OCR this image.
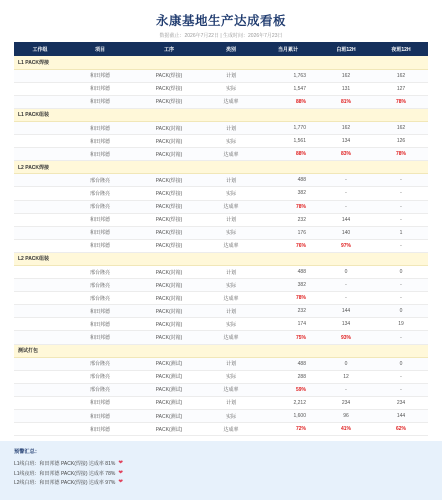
永康基地生产达成看板
数据截止：2026年7月22日 | 生成时间：2026年7月23日
工作组	项目	工序	类别	当月累计	白班12H	夜班12H
L1 PACK焊接						
	和田邦德	PACK(焊接)	计划	1,763	162	162
	和田邦德	PACK(焊接)	实际	1,547	131	127
	和田邦德	PACK(焊接)	达成率	88%	81%	78%
L1 PACK组装						
	和田邦德	PACK(封箱)	计划	1,770	162	162
	和田邦德	PACK(封箱)	实际	1,561	134	126
	和田邦德	PACK(封箱)	达成率	88%	83%	78%
L2 PACK焊接						
	邢台隆亮	PACK(焊接)	计划	488	-	-
	邢台隆亮	PACK(焊接)	实际	382	-	-
	邢台隆亮	PACK(焊接)	达成率	78%	-	-
	和田邦德	PACK(焊接)	计划	232	144	-
	和田邦德	PACK(焊接)	实际	176	140	1
	和田邦德	PACK(焊接)	达成率	76%	97%	-
L2 PACK组装						
	邢台隆亮	PACK(封箱)	计划	488	0	0
	邢台隆亮	PACK(封箱)	实际	382	-	-
	邢台隆亮	PACK(封箱)	达成率	78%	-	-
	和田邦德	PACK(封箱)	计划	232	144	0
	和田邦德	PACK(封箱)	实际	174	134	19
	和田邦德	PACK(封箱)	达成率	75%	93%	-
测试打包						
	邢台隆亮	PACK(测试)	计划	488	0	0
	邢台隆亮	PACK(测试)	实际	288	12	-
	邢台隆亮	PACK(测试)	达成率	59%	-	-
	和田邦德	PACK(测试)	计划	2,212	234	234
	和田邦德	PACK(测试)	实际	1,600	96	144
	和田邦德	PACK(测试)	达成率	72%	41%	62%
预警汇总：
L1线白班：和田邦德 PACK(焊接) 达成率 81% ❤
L1线夜班：和田邦德 PACK(焊接) 达成率 78% ❤
L2线白班：和田邦德 PACK(焊接) 达成率 97% ❤
